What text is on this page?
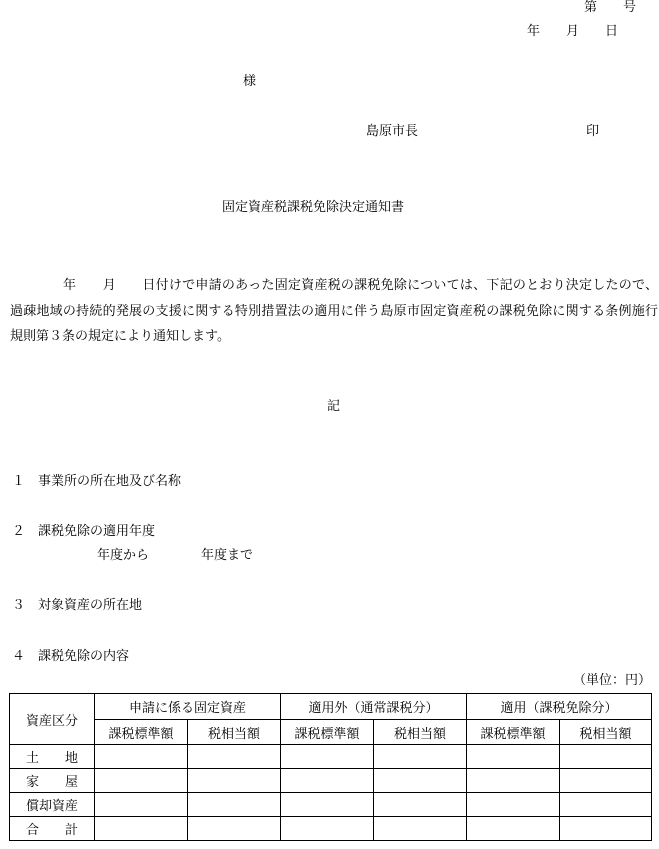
第　　号
年　　月　　日
様
島原市長	印
固定資産税課税免除決定通知書

　　　　年　　月　　日付けで申請のあった固定資産税の課税免除については、下記のとおり決定したので、過疎地域の持続的発展の支援に関する特別措置法の適用に伴う島原市固定資産税の課税免除に関する条例施行規則第３条の規定により通知します。

記
１　事業所の所在地及び名称
２　課税免除の適用年度
年度から　　　　年度まで
３　対象資産の所在地
４　課税免除の内容
（単位：円）
資産区分	申請に係る固定資産		適用外（通常課税分）		適用（課税免除分）	
	課税標準額	税相当額	課税標準額	税相当額	課税標準額	税相当額
土地						
家屋						
償却資産						
合計						
